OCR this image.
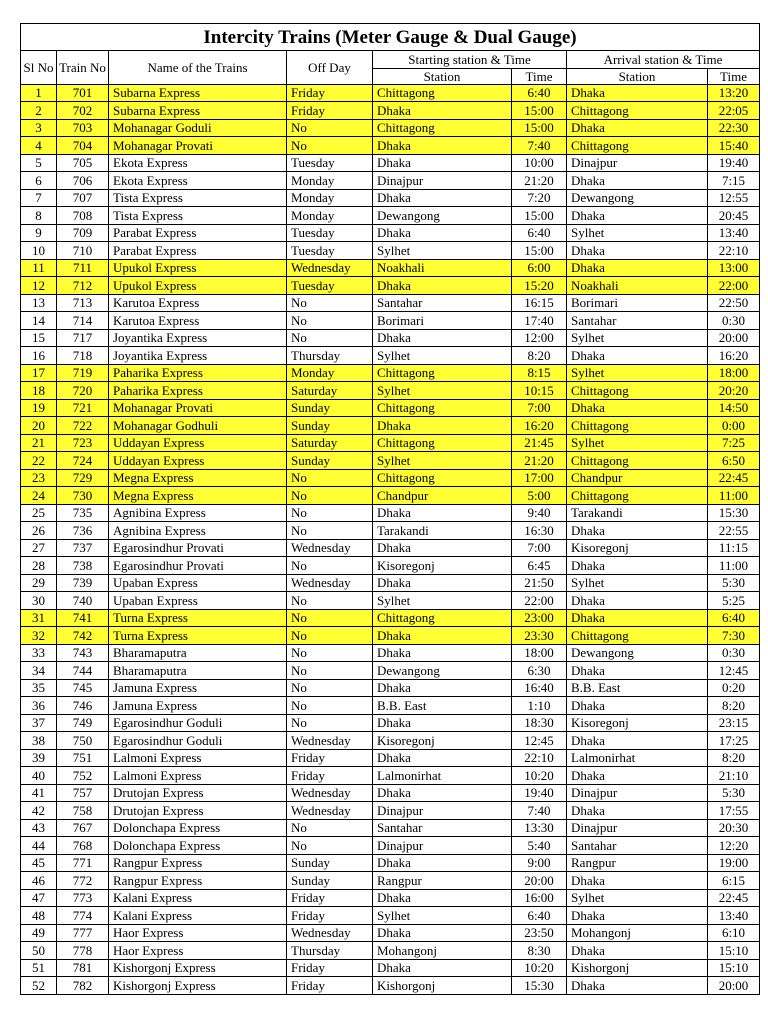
Intercity Trains (Meter Gauge & Dual Gauge)							
Sl No	Train No	Name of the Trains	Off Day	Starting station & Time		Arrival station & Time	
				Station	Time	Station	Time
1	701	Subarna Express	Friday	Chittagong	6:40	Dhaka	13:20
2	702	Subarna Express	Friday	Dhaka	15:00	Chittagong	22:05
3	703	Mohanagar Goduli	No	Chittagong	15:00	Dhaka	22:30
4	704	Mohanagar Provati	No	Dhaka	7:40	Chittagong	15:40
5	705	Ekota Express	Tuesday	Dhaka	10:00	Dinajpur	19:40
6	706	Ekota Express	Monday	Dinajpur	21:20	Dhaka	7:15
7	707	Tista Express	Monday	Dhaka	7:20	Dewangong	12:55
8	708	Tista Express	Monday	Dewangong	15:00	Dhaka	20:45
9	709	Parabat Express	Tuesday	Dhaka	6:40	Sylhet	13:40
10	710	Parabat Express	Tuesday	Sylhet	15:00	Dhaka	22:10
11	711	Upukol Express	Wednesday	Noakhali	6:00	Dhaka	13:00
12	712	Upukol Express	Tuesday	Dhaka	15:20	Noakhali	22:00
13	713	Karutoa Express	No	Santahar	16:15	Borimari	22:50
14	714	Karutoa Express	No	Borimari	17:40	Santahar	0:30
15	717	Joyantika Express	No	Dhaka	12:00	Sylhet	20:00
16	718	Joyantika Express	Thursday	Sylhet	8:20	Dhaka	16:20
17	719	Paharika Express	Monday	Chittagong	8:15	Sylhet	18:00
18	720	Paharika Express	Saturday	Sylhet	10:15	Chittagong	20:20
19	721	Mohanagar Provati	Sunday	Chittagong	7:00	Dhaka	14:50
20	722	Mohanagar Godhuli	Sunday	Dhaka	16:20	Chittagong	0:00
21	723	Uddayan Express	Saturday	Chittagong	21:45	Sylhet	7:25
22	724	Uddayan Express	Sunday	Sylhet	21:20	Chittagong	6:50
23	729	Megna Express	No	Chittagong	17:00	Chandpur	22:45
24	730	Megna Express	No	Chandpur	5:00	Chittagong	11:00
25	735	Agnibina Express	No	Dhaka	9:40	Tarakandi	15:30
26	736	Agnibina Express	No	Tarakandi	16:30	Dhaka	22:55
27	737	Egarosindhur Provati	Wednesday	Dhaka	7:00	Kisoregonj	11:15
28	738	Egarosindhur Provati	No	Kisoregonj	6:45	Dhaka	11:00
29	739	Upaban Express	Wednesday	Dhaka	21:50	Sylhet	5:30
30	740	Upaban Express	No	Sylhet	22:00	Dhaka	5:25
31	741	Turna Express	No	Chittagong	23:00	Dhaka	6:40
32	742	Turna Express	No	Dhaka	23:30	Chittagong	7:30
33	743	Bharamaputra	No	Dhaka	18:00	Dewangong	0:30
34	744	Bharamaputra	No	Dewangong	6:30	Dhaka	12:45
35	745	Jamuna Express	No	Dhaka	16:40	B.B. East	0:20
36	746	Jamuna Express	No	B.B. East	1:10	Dhaka	8:20
37	749	Egarosindhur Goduli	No	Dhaka	18:30	Kisoregonj	23:15
38	750	Egarosindhur Goduli	Wednesday	Kisoregonj	12:45	Dhaka	17:25
39	751	Lalmoni Express	Friday	Dhaka	22:10	Lalmonirhat	8:20
40	752	Lalmoni Express	Friday	Lalmonirhat	10:20	Dhaka	21:10
41	757	Drutojan Express	Wednesday	Dhaka	19:40	Dinajpur	5:30
42	758	Drutojan Express	Wednesday	Dinajpur	7:40	Dhaka	17:55
43	767	Dolonchapa Express	No	Santahar	13:30	Dinajpur	20:30
44	768	Dolonchapa Express	No	Dinajpur	5:40	Santahar	12:20
45	771	Rangpur Express	Sunday	Dhaka	9:00	Rangpur	19:00
46	772	Rangpur Express	Sunday	Rangpur	20:00	Dhaka	6:15
47	773	Kalani Express	Friday	Dhaka	16:00	Sylhet	22:45
48	774	Kalani Express	Friday	Sylhet	6:40	Dhaka	13:40
49	777	Haor Express	Wednesday	Dhaka	23:50	Mohangonj	6:10
50	778	Haor Express	Thursday	Mohangonj	8:30	Dhaka	15:10
51	781	Kishorgonj Express	Friday	Dhaka	10:20	Kishorgonj	15:10
52	782	Kishorgonj Express	Friday	Kishorgonj	15:30	Dhaka	20:00
